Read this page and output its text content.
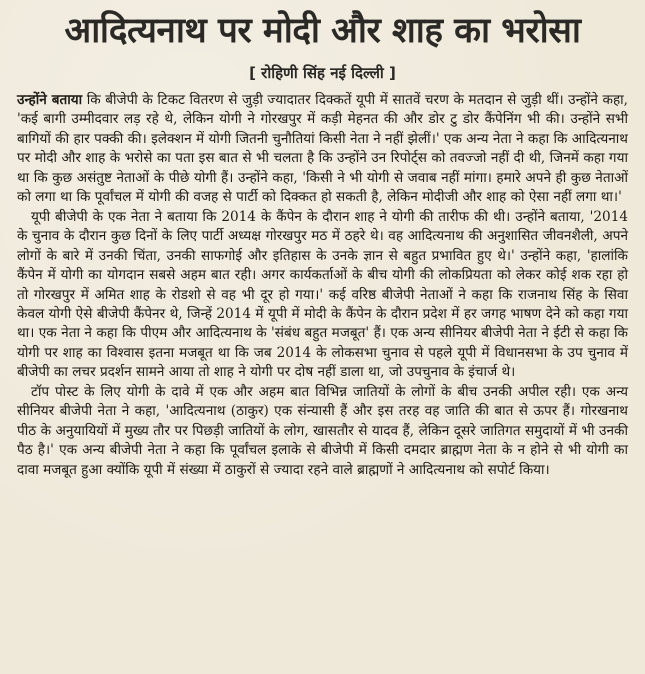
आदित्यनाथ पर मोदी और शाह का भरोसा
[ रोहिणी सिंह नई दिल्ली ]

उन्होंने बताया कि बीजेपी के टिकट वितरण से जुड़ी ज्यादातर दिक्कतें यूपी में सातवें चरण के मतदान से जुड़ी थीं। उन्होंने कहा, 'कई बागी उम्मीदवार लड़ रहे थे, लेकिन योगी ने गोरखपुर में कड़ी मेहनत की और डोर टु डोर कैंपेनिंग भी की। उन्होंने सभी बागियों की हार पक्की की। इलेक्शन में योगी जितनी चुनौतियां किसी नेता ने नहीं झेलीं।' एक अन्य नेता ने कहा कि आदित्यनाथ पर मोदी और शाह के भरोसे का पता इस बात से भी चलता है कि उन्होंने उन रिपोर्ट्स को तवज्जो नहीं दी थी, जिनमें कहा गया था कि कुछ असंतुष्ट नेताओं के पीछे योगी हैं। उन्होंने कहा, 'किसी ने भी योगी से जवाब नहीं मांगा। हमारे अपने ही कुछ नेताओं को लगा था कि पूर्वांचल में योगी की वजह से पार्टी को दिक्कत हो सकती है, लेकिन मोदीजी और शाह को ऐसा नहीं लगा था।'

यूपी बीजेपी के एक नेता ने बताया कि 2014 के कैंपेन के दौरान शाह ने योगी की तारीफ की थी। उन्होंने बताया, '2014 के चुनाव के दौरान कुछ दिनों के लिए पार्टी अध्यक्ष गोरखपुर मठ में ठहरे थे। वह आदित्यनाथ की अनुशासित जीवनशैली, अपने लोगों के बारे में उनकी चिंता, उनकी साफगोई और इतिहास के उनके ज्ञान से बहुत प्रभावित हुए थे।' उन्होंने कहा, 'हालांकि कैंपेन में योगी का योगदान सबसे अहम बात रही। अगर कार्यकर्ताओं के बीच योगी की लोकप्रियता को लेकर कोई शक रहा हो तो गोरखपुर में अमित शाह के रोडशो से वह भी दूर हो गया।' कई वरिष्ठ बीजेपी नेताओं ने कहा कि राजनाथ सिंह के सिवा केवल योगी ऐसे बीजेपी कैंपेनर थे, जिन्हें 2014 में यूपी में मोदी के कैंपेन के दौरान प्रदेश में हर जगह भाषण देने को कहा गया था। एक नेता ने कहा कि पीएम और आदित्यनाथ के 'संबंध बहुत मजबूत' हैं। एक अन्य सीनियर बीजेपी नेता ने ईटी से कहा कि योगी पर शाह का विश्वास इतना मजबूत था कि जब 2014 के लोकसभा चुनाव से पहले यूपी में विधानसभा के उप चुनाव में बीजेपी का लचर प्रदर्शन सामने आया तो शाह ने योगी पर दोष नहीं डाला था, जो उपचुनाव के इंचार्ज थे।

टॉप पोस्ट के लिए योगी के दावे में एक और अहम बात विभिन्न जातियों के लोगों के बीच उनकी अपील रही। एक अन्य सीनियर बीजेपी नेता ने कहा, 'आदित्यनाथ (ठाकुर) एक संन्यासी हैं और इस तरह वह जाति की बात से ऊपर हैं। गोरखनाथ पीठ के अनुयायियों में मुख्य तौर पर पिछड़ी जातियों के लोग, खासतौर से यादव हैं, लेकिन दूसरे जातिगत समुदायों में भी उनकी पैठ है।' एक अन्य बीजेपी नेता ने कहा कि पूर्वांचल इलाके से बीजेपी में किसी दमदार ब्राह्मण नेता के न होने से भी योगी का दावा मजबूत हुआ क्योंकि यूपी में संख्या में ठाकुरों से ज्यादा रहने वाले ब्राह्मणों ने आदित्यनाथ को सपोर्ट किया।
